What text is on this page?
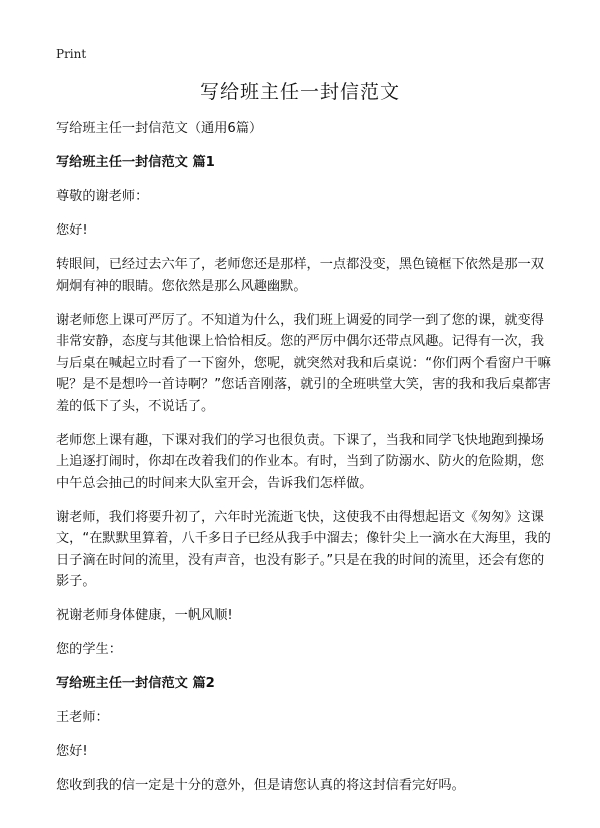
Print
写给班主任一封信范文

写给班主任一封信范文（通用6篇）

写给班主任一封信范文 篇1

尊敬的谢老师：

您好!

转眼间，已经过去六年了，老师您还是那样，一点都没变，黑色镜框下依然是那一双炯炯有神的眼睛。您依然是那么风趣幽默。

谢老师您上课可严厉了。不知道为什么，我们班上调爱的同学一到了您的课，就变得非常安静，态度与其他课上恰恰相反。您的严厉中偶尔还带点风趣。记得有一次，我与后桌在喊起立时看了一下窗外，您呢，就突然对我和后桌说：“你们两个看窗户干嘛呢？是不是想吟一首诗啊？”您话音刚落，就引的全班哄堂大笑，害的我和我后桌都害羞的低下了头，不说话了。

老师您上课有趣，下课对我们的学习也很负责。下课了，当我和同学飞快地跑到操场上追逐打闹时，你却在改着我们的作业本。有时，当到了防溺水、防火的危险期，您中午总会抽己的时间来大队室开会，告诉我们怎样做。

谢老师，我们将要升初了，六年时光流逝飞快，这使我不由得想起语文《匆匆》这课文，“在默默里算着，八千多日子已经从我手中溜去；像针尖上一滴水在大海里，我的日子滴在时间的流里，没有声音，也没有影子。”只是在我的时间的流里，还会有您的影子。

祝谢老师身体健康，一帆风顺!

您的学生：

写给班主任一封信范文 篇2

王老师：

您好!

您收到我的信一定是十分的意外，但是请您认真的将这封信看完好吗。
